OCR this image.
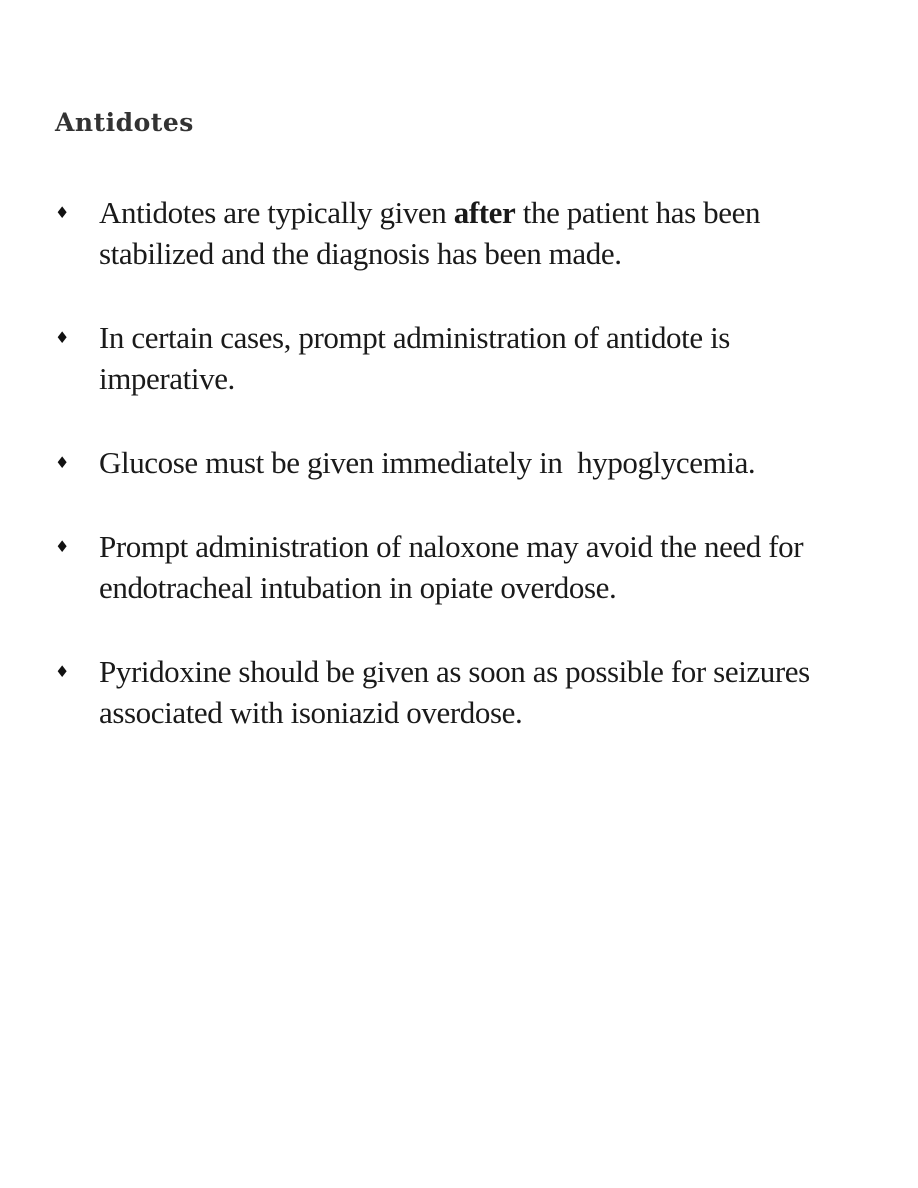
Antidotes
♦ Antidotes are typically given after the patient has been stabilized and the diagnosis has been made.
♦ In certain cases, prompt administration of antidote is imperative.
♦ Glucose must be given immediately in  hypoglycemia.
♦ Prompt administration of naloxone may avoid the need for endotracheal intubation in opiate overdose.
♦ Pyridoxine should be given as soon as possible for seizures associated with isoniazid overdose.
